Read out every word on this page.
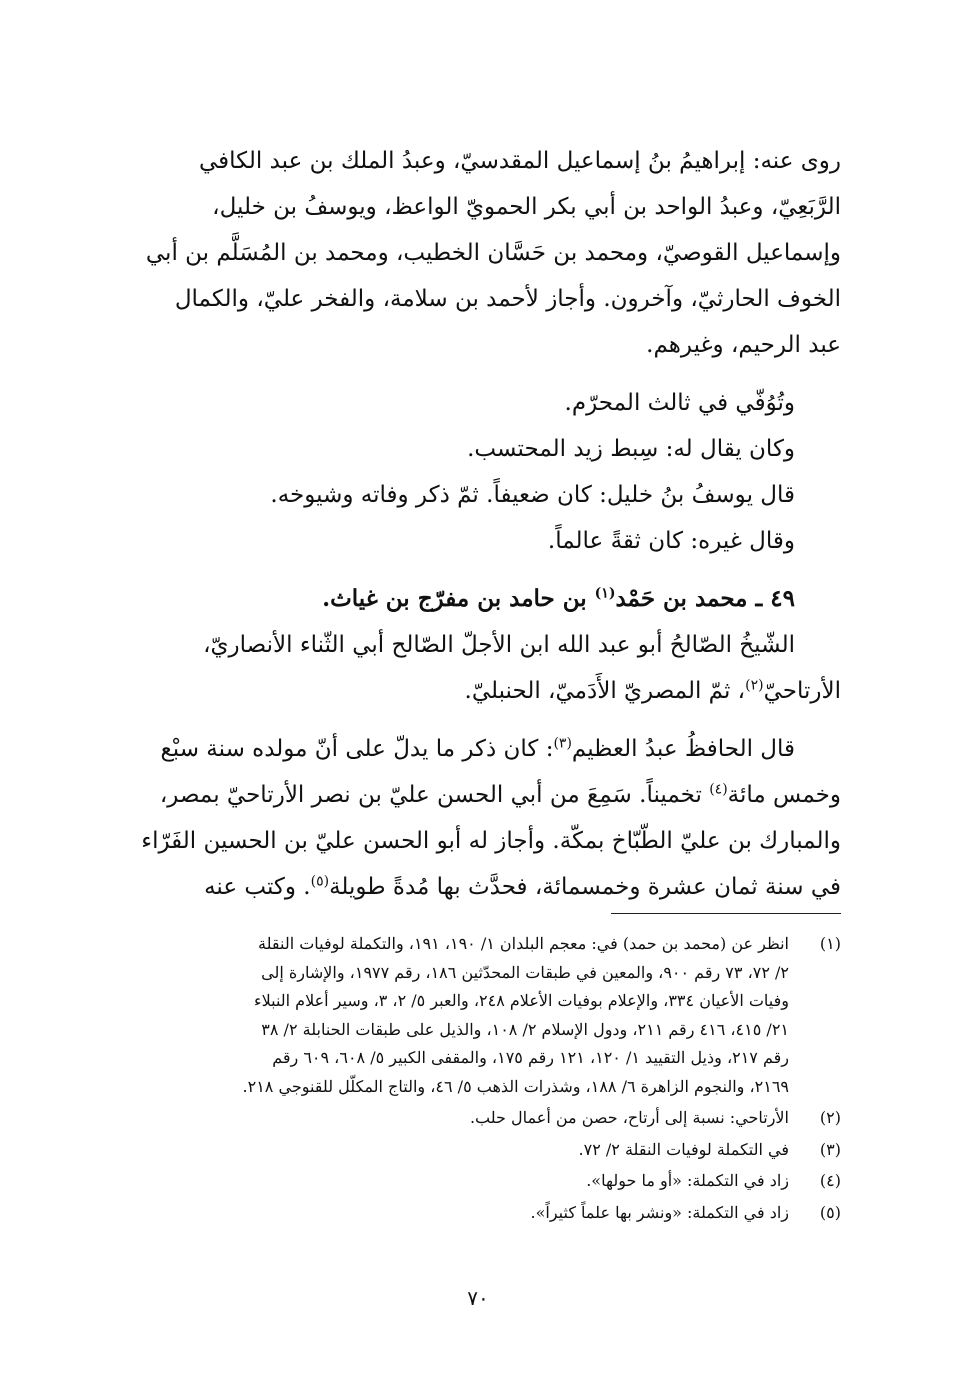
روى عنه: إبراهيمُ بنُ إسماعيل المقدسيّ، وعبدُ الملك بن عبد الكافي
الرَّبَعِيّ، وعبدُ الواحد بن أبي بكر الحمويّ الواعظ، ويوسفُ بن خليل،
وإسماعيل القوصيّ، ومحمد بن حَسَّان الخطيب، ومحمد بن المُسَلَّم بن أبي
الخوف الحارثيّ، وآخرون. وأجاز لأحمد بن سلامة، والفخر عليّ، والكمال
عبد الرحيم، وغيرهم.

وتُوُفّي في ثالث المحرّم.

وكان يقال له: سِبط زيد المحتسب.

قال يوسفُ بنُ خليل: كان ضعيفاً. ثمّ ذكر وفاته وشيوخه.

وقال غيره: كان ثقةً عالماً.

٤٩ ـ محمد بن حَمْد$^{(١)}$ بن حامد بن مفرّج بن غياث.

الشّيخُ الصّالحُ أبو عبد الله ابن الأجلّ الصّالح أبي الثّناء الأنصاريّ،
الأرتاحيّ$^{(٢)}$، ثمّ المصريّ الأَدَميّ، الحنبليّ.

قال الحافظُ عبدُ العظيم$^{(٣)}$: كان ذكر ما يدلّ على أنّ مولده سنة سبْع
وخمس مائة$^{(٤)}$ تخميناً. سَمِعَ من أبي الحسن عليّ بن نصر الأرتاحيّ بمصر،
والمبارك بن عليّ الطّبّاخ بمكّة. وأجاز له أبو الحسن عليّ بن الحسين الفَرّاء
في سنة ثمان عشرة وخمسمائة، فحدَّث بها مُدةً طويلة$^{(٥)}$. وكتب عنه

(١)
انظر عن (محمد بن حمد) في: معجم البلدان ١/ ١٩٠، ١٩١، والتكملة لوفيات النقلة
٢/ ٧٢، ٧٣ رقم ٩٠٠، والمعين في طبقات المحدّثين ١٨٦، رقم ١٩٧٧، والإشارة إلى
وفيات الأعيان ٣٣٤، والإعلام بوفيات الأعلام ٢٤٨، والعبر ٥/ ٢، ٣، وسير أعلام النبلاء
٢١/ ٤١٥، ٤١٦ رقم ٢١١، ودول الإسلام ٢/ ١٠٨، والذيل على طبقات الحنابلة ٢/ ٣٨
رقم ٢١٧، وذيل التقييد ١/ ١٢٠، ١٢١ رقم ١٧٥، والمقفى الكبير ٥/ ٦٠٨، ٦٠٩ رقم
٢١٦٩، والنجوم الزاهرة ٦/ ١٨٨، وشذرات الذهب ٥/ ٤٦، والتاج المكلّل للقنوجي ٢١٨.
(٢)
الأرتاحي: نسبة إلى أرتاح، حصن من أعمال حلب.
(٣)
في التكملة لوفيات النقلة ٢/ ٧٢.
(٤)
زاد في التكملة: «أو ما حولها».
(٥)
زاد في التكملة: «ونشر بها علماً كثيراً».
٧٠
